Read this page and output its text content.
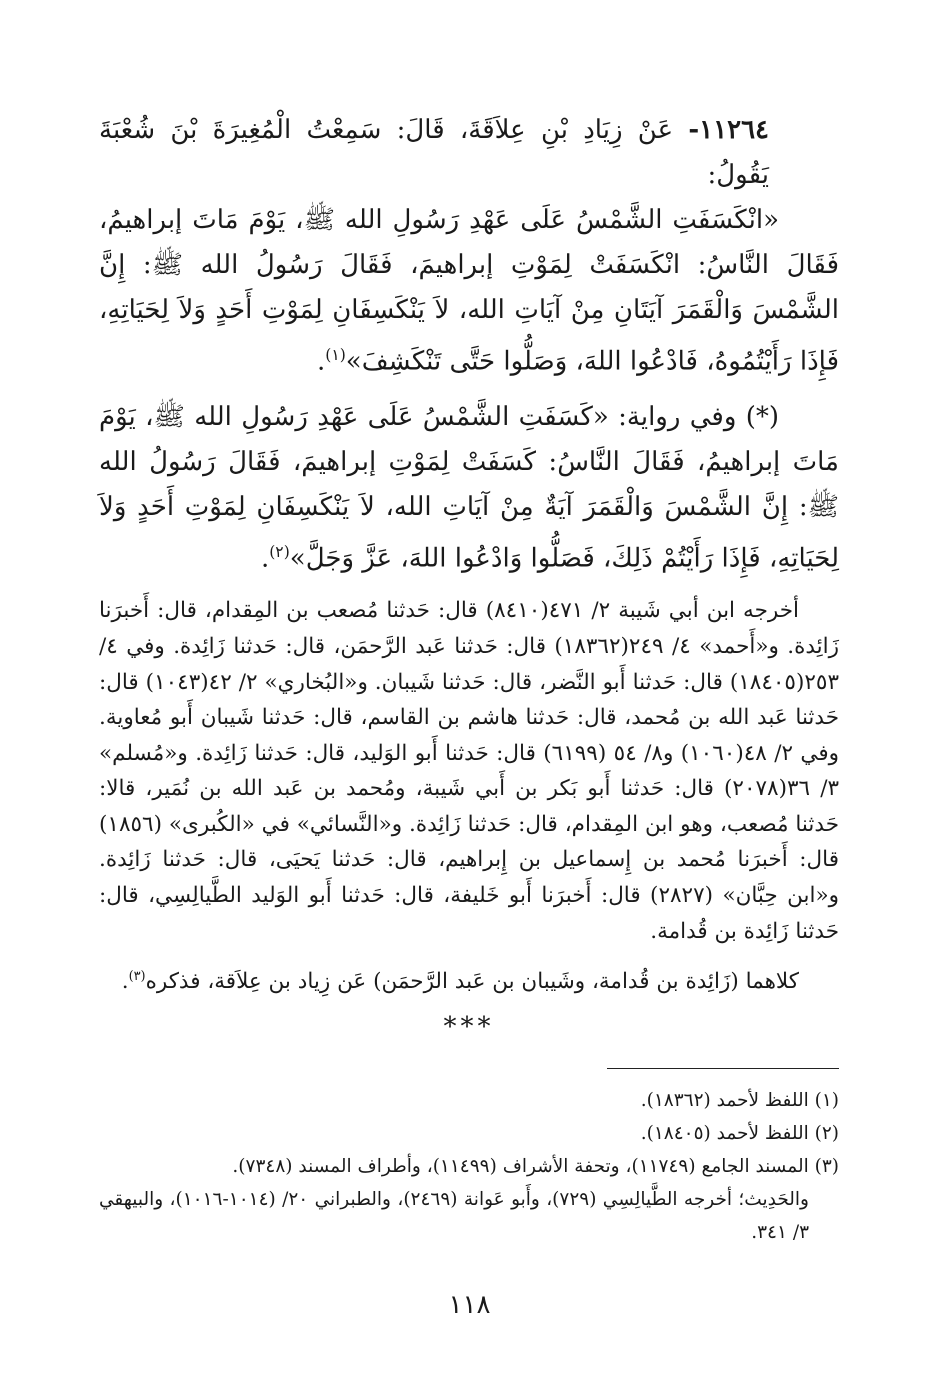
١١٢٦٤- عَنْ زِيَادِ بْنِ عِلاَقَةَ، قَالَ: سَمِعْتُ الْمُغِيرَةَ بْنَ شُعْبَةَ يَقُولُ:

«انْكَسَفَتِ الشَّمْسُ عَلَى عَهْدِ رَسُولِ الله ﷺ، يَوْمَ مَاتَ إبراهيمُ، فَقَالَ النَّاسُ: انْكَسَفَتْ لِمَوْتِ إبراهيمَ، فَقَالَ رَسُولُ الله ﷺ: إِنَّ الشَّمْسَ وَالْقَمَرَ آيَتَانِ مِنْ آيَاتِ الله، لاَ يَنْكَسِفَانِ لِمَوْتِ أَحَدٍ وَلاَ لِحَيَاتِهِ، فَإِذَا رَأَيْتُمُوهُ، فَادْعُوا اللهَ، وَصَلُّوا حَتَّى تَنْكَشِفَ»$^{(١)}$.

(*) وفي رواية: «كَسَفَتِ الشَّمْسُ عَلَى عَهْدِ رَسُولِ الله ﷺ، يَوْمَ مَاتَ إبراهيمُ، فَقَالَ النَّاسُ: كَسَفَتْ لِمَوْتِ إبراهيمَ، فَقَالَ رَسُولُ الله ﷺ: إِنَّ الشَّمْسَ وَالْقَمَرَ آيَةٌ مِنْ آيَاتِ الله، لاَ يَنْكَسِفَانِ لِمَوْتِ أَحَدٍ وَلاَ لِحَيَاتِهِ، فَإِذَا رَأَيْتُمْ ذَلِكَ، فَصَلُّوا وَادْعُوا اللهَ، عَزَّ وَجَلَّ»$^{(٢)}$.

أخرجه ابن أبي شَيبة ٢/ ٤٧١(٨٤١٠) قال: حَدثنا مُصعب بن المِقدام، قال: أَخبرَنا زَائِدة. و«أَحمد» ٤/ ٢٤٩(١٨٣٦٢) قال: حَدثنا عَبد الرَّحمَن، قال: حَدثنا زَائِدة. وفي ٤/ ٢٥٣(١٨٤٠٥) قال: حَدثنا أَبو النَّضر، قال: حَدثنا شَيبان. و«البُخاري» ٢/ ٤٢(١٠٤٣) قال: حَدثنا عَبد الله بن مُحمد، قال: حَدثنا هاشم بن القاسم، قال: حَدثنا شَيبان أَبو مُعاوية. وفي ٢/ ٤٨(١٠٦٠) و٨/ ٥٤ (٦١٩٩) قال: حَدثنا أَبو الوَليد، قال: حَدثنا زَائِدة. و«مُسلم» ٣/ ٣٦(٢٠٧٨) قال: حَدثنا أَبو بَكر بن أَبي شَيبة، ومُحمد بن عَبد الله بن نُمَير، قالا: حَدثنا مُصعب، وهو ابن المِقدام، قال: حَدثنا زَائِدة. و«النَّسائي» في «الكُبرى» (١٨٥٦) قال: أَخبرَنا مُحمد بن إِسماعيل بن إِبراهيم، قال: حَدثنا يَحيَى، قال: حَدثنا زَائِدة. و«ابن حِبَّان» (٢٨٢٧) قال: أَخبرَنا أَبو خَليفة، قال: حَدثنا أَبو الوَليد الطَّيالِسِي، قال: حَدثنا زَائِدة بن قُدامة.

كلاهما (زَائِدة بن قُدامة، وشَيبان بن عَبد الرَّحمَن) عَن زِياد بن عِلاَقة، فذكره$^{(٣)}$.

***

(١) اللفظ لأحمد (١٨٣٦٢).

(٢) اللفظ لأحمد (١٨٤٠٥).

(٣) المسند الجامع (١١٧٤٩)، وتحفة الأشراف (١١٤٩٩)، وأطراف المسند (٧٣٤٨).

والحَدِيث؛ أخرجه الطَّيالِسِي (٧٢٩)، وأَبو عَوانة (٢٤٦٩)، والطبراني ٢٠/ (١٠١٤-١٠١٦)، والبيهقي ٣/ ٣٤١.

١١٨
